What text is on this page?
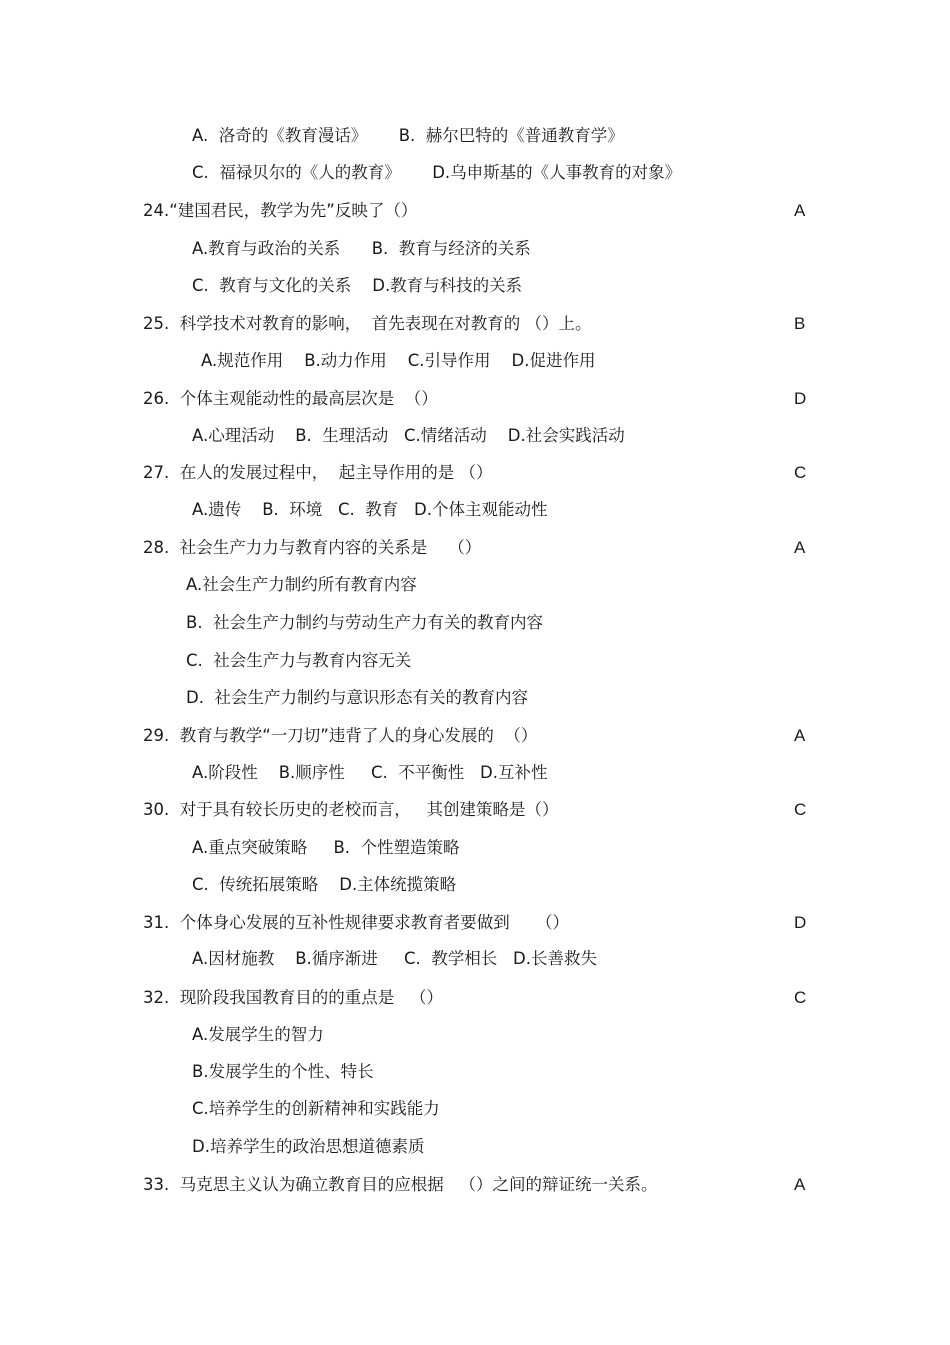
A.  洛奇的《教育漫话》      B.  赫尔巴特的《普通教育学》
C.  福禄贝尔的《人的教育》      D.乌申斯基的《人事教育的对象》
24.“建国君民，教学为先”反映了（）	A
A.教育与政治的关系      B.  教育与经济的关系
C.  教育与文化的关系    D.教育与科技的关系
25.  科学技术对教育的影响，  首先表现在对教育的 （）上。	B
A.规范作用    B.动力作用    C.引导作用    D.促进作用
26.  个体主观能动性的最高层次是  （）	D
A.心理活动    B.  生理活动   C.情绪活动    D.社会实践活动
27.  在人的发展过程中，  起主导作用的是 （）	C
A.遗传    B.  环境   C.  教育   D.个体主观能动性
28.  社会生产力力与教育内容的关系是    （）	A
A.社会生产力制约所有教育内容
B.  社会生产力制约与劳动生产力有关的教育内容
C.  社会生产力与教育内容无关
D.  社会生产力制约与意识形态有关的教育内容
29.  教育与教学“一刀切”违背了人的身心发展的  （）	A
A.阶段性    B.顺序性     C.  不平衡性   D.互补性
30.  对于具有较长历史的老校而言，   其创建策略是（）	C
A.重点突破策略     B.  个性塑造策略
C.  传统拓展策略    D.主体统揽策略
31.  个体身心发展的互补性规律要求教育者要做到     （）	D
A.因材施教    B.循序渐进     C.  教学相长   D.长善救失
32.  现阶段我国教育目的的重点是   （）	C
A.发展学生的智力
B.发展学生的个性、特长
C.培养学生的创新精神和实践能力
D.培养学生的政治思想道德素质
33.  马克思主义认为确立教育目的应根据   （）之间的辩证统一关系。	A
